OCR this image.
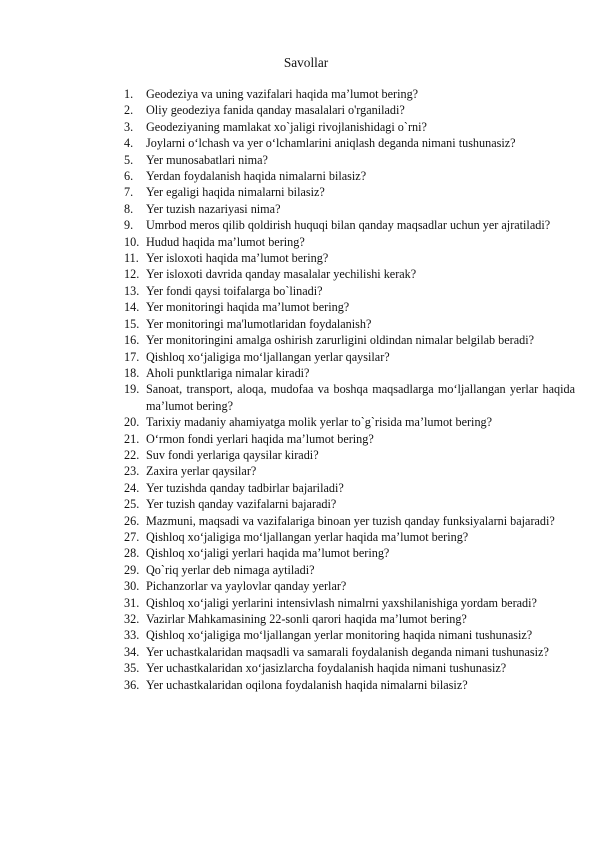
Savollar
1. Geodeziya va uning vazifalari haqida ma’lumot bering?
2. Oliy geodeziya fanida qanday masalalari o'rganiladi?
3. Geodeziyaning mamlakat xo`jaligi rivojlanishidagi o`rni?
4. Joylarni o‘lchash va yer o‘lchamlarini aniqlash deganda nimani tushunasiz?
5. Yer munosabatlari nima?
6. Yerdan foydalanish haqida nimalarni bilasiz?
7. Yer egaligi haqida nimalarni bilasiz?
8. Yer tuzish nazariyasi nima?
9. Umrbod meros qilib qoldirish huquqi bilan qanday maqsadlar uchun yer ajratiladi?
10. Hudud haqida ma’lumot bering?
11. Yer isloxoti haqida ma’lumot bering?
12. Yer isloxoti davrida qanday masalalar yechilishi kerak?
13. Yer fondi qaysi toifalarga bo`linadi?
14. Yer monitoringi haqida ma’lumot bering?
15. Yer monitoringi ma'lumotlaridan foydalanish?
16. Yer monitoringini amalga oshirish zarurligini oldindan nimalar belgilab beradi?
17. Qishloq xo‘jaligiga mo‘ljallangan yerlar qaysilar?
18. Aholi punktlariga nimalar kiradi?
19. Sanoat, transport, aloqa, mudofaa va boshqa maqsadlarga mo‘ljallangan yerlar haqida ma’lumot bering?
20. Tarixiy madaniy ahamiyatga molik yerlar to`g`risida ma’lumot bering?
21. O‘rmon fondi yerlari haqida ma’lumot bering?
22. Suv fondi yerlariga qaysilar kiradi?
23. Zaxira yerlar qaysilar?
24. Yer tuzishda qanday tadbirlar bajariladi?
25. Yer tuzish qanday vazifalarni bajaradi?
26. Mazmuni, maqsadi va vazifalariga binoan yer tuzish qanday funksiyalarni bajaradi?
27. Qishloq xo‘jaligiga mo‘ljallangan yerlar haqida ma’lumot bering?
28. Qishloq xo‘jaligi yerlari haqida ma’lumot bering?
29. Qo`riq yerlar deb nimaga aytiladi?
30. Pichanzorlar va yaylovlar qanday yerlar?
31. Qishloq xo‘jaligi yerlarini intensivlash nimalrni yaxshilanishiga yordam beradi?
32. Vazirlar Mahkamasining 22-sonli qarori haqida ma’lumot bering?
33. Qishloq xo‘jaligiga mo‘ljallangan yerlar monitoring haqida nimani tushunasiz?
34. Yer uchastkalaridan maqsadli va samarali foydalanish deganda nimani tushunasiz?
35. Yer uchastkalaridan xo‘jasizlarcha foydalanish haqida nimani tushunasiz?
36. Yer uchastkalaridan oqilona foydalanish haqida nimalarni bilasiz?
